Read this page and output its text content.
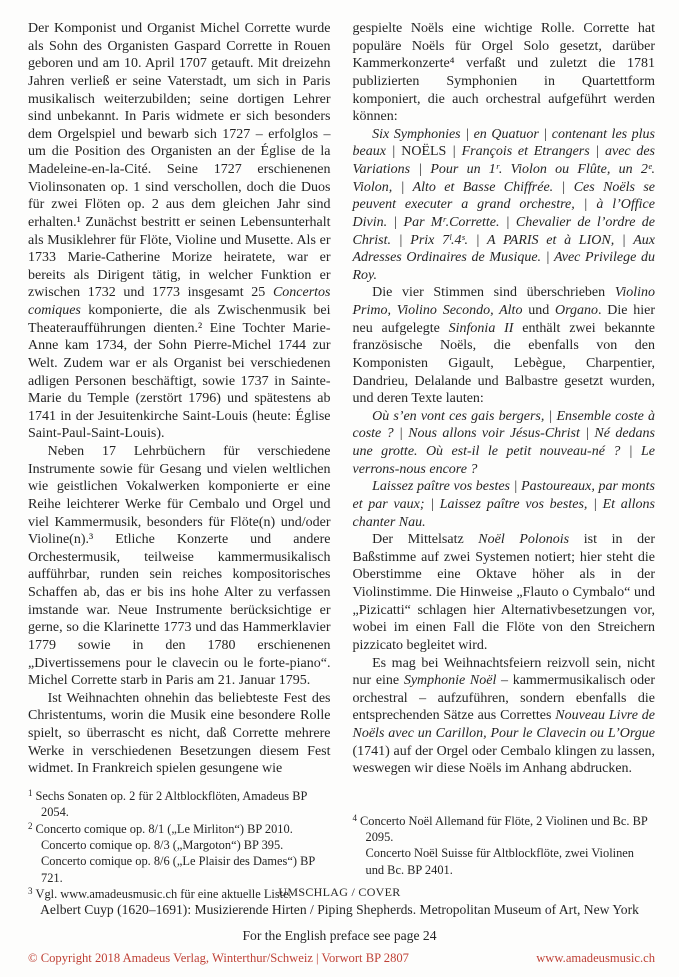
Der Komponist und Organist Michel Corrette wurde als Sohn des Organisten Gaspard Corrette in Rouen geboren und am 10. April 1707 getauft. Mit dreizehn Jahren verließ er seine Vaterstadt, um sich in Paris musikalisch weiterzubilden; seine dortigen Lehrer sind unbekannt. In Paris widmete er sich besonders dem Orgelspiel und bewarb sich 1727 – erfolglos – um die Position des Organisten an der Église de la Madeleine-en-la-Cité. Seine 1727 erschienenen Violinsonaten op. 1 sind verschollen, doch die Duos für zwei Flöten op. 2 aus dem gleichen Jahr sind erhalten.¹ Zunächst bestritt er seinen Lebensunterhalt als Musiklehrer für Flöte, Violine und Musette. Als er 1733 Marie-Catherine Morize heiratete, war er bereits als Dirigent tätig, in welcher Funktion er zwischen 1732 und 1773 insgesamt 25 Concertos comiques komponierte, die als Zwischenmusik bei Theateraufführungen dienten.² Eine Tochter Marie-Anne kam 1734, der Sohn Pierre-Michel 1744 zur Welt. Zudem war er als Organist bei verschiedenen adligen Personen beschäftigt, sowie 1737 in Sainte-Marie du Temple (zerstört 1796) und spätestens ab 1741 in der Jesuitenkirche Saint-Louis (heute: Église Saint-Paul-Saint-Louis).

Neben 17 Lehrbüchern für verschiedene Instrumente sowie für Gesang und vielen weltlichen wie geistlichen Vokalwerken komponierte er eine Reihe leichterer Werke für Cembalo und Orgel und viel Kammermusik, besonders für Flöte(n) und/oder Violine(n).³ Etliche Konzerte und andere Orchestermusik, teilweise kammermusikalisch aufführbar, runden sein reiches kompositorisches Schaffen ab, das er bis ins hohe Alter zu verfassen imstande war. Neue Instrumente berücksichtige er gerne, so die Klarinette 1773 und das Hammerklavier 1779 sowie in den 1780 erschienenen „Divertissemens pour le clavecin ou le forte-piano“. Michel Corrette starb in Paris am 21. Januar 1795.

Ist Weihnachten ohnehin das beliebteste Fest des Christentums, worin die Musik eine besondere Rolle spielt, so überrascht es nicht, daß Corrette mehrere Werke in verschiedenen Besetzungen diesem Fest widmet. In Frankreich spielen gesungene wie

$^1$ Sechs Sonaten op. 2 für 2 Altblockflöten, Amadeus BP 2054.

$^2$ Concerto comique op. 8/1 („Le Mirliton“) BP 2010.

Concerto comique op. 8/3 („Margoton“) BP 395.

Concerto comique op. 8/6 („Le Plaisir des Dames“) BP 721.

$^3$ Vgl. www.amadeusmusic.ch für eine aktuelle Liste.

gespielte Noëls eine wichtige Rolle. Corrette hat populäre Noëls für Orgel Solo gesetzt, darüber Kammerkonzerte⁴ verfaßt und zuletzt die 1781 publizierten Symphonien in Quartettform komponiert, die auch orchestral aufgeführt werden können:

Six Symphonies | en Quatuor | contenant les plus beaux | NOËLS | François et Etrangers | avec des Variations | Pour un 1ʳ. Violon ou Flûte, un 2ᵉ. Violon, | Alto et Basse Chiffrée. | Ces Noëls se peuvent executer a grand orchestre, | à l’Office Divin. | Par Mʳ.Corrette. | Chevalier de l’ordre de Christ. | Prix 7ˡ.4ˢ. | A PARIS et à LION, | Aux Adresses Ordinaires de Musique. | Avec Privilege du Roy.

Die vier Stimmen sind überschrieben Violino Primo, Violino Secondo, Alto und Organo. Die hier neu aufgelegte Sinfonia II enthält zwei bekannte französische Noëls, die ebenfalls von den Komponisten Gigault, Lebègue, Charpentier, Dandrieu, Delalande und Balbastre gesetzt wurden, und deren Texte lauten:

Où s’en vont ces gais bergers, | Ensemble coste à coste ? | Nous allons voir Jésus-Christ | Né dedans une grotte. Où est-il le petit nouveau-né ? | Le verrons-nous encore ?

Laissez paître vos bestes | Pastoureaux, par monts et par vaux; | Laissez paître vos bestes, | Et allons chanter Nau.

Der Mittelsatz Noël Polonois ist in der Baßstimme auf zwei Systemen notiert; hier steht die Oberstimme eine Oktave höher als in der Violinstimme. Die Hinweise „Flauto o Cymbalo“ und „Pizicatti“ schlagen hier Alternativbesetzungen vor, wobei im einen Fall die Flöte von den Streichern pizzicato begleitet wird.

Es mag bei Weihnachtsfeiern reizvoll sein, nicht nur eine Symphonie Noël – kammermusikalisch oder orchestral – aufzuführen, sondern ebenfalls die entsprechenden Sätze aus Correttes Nouveau Livre de Noëls avec un Carillon, Pour le Clavecin ou L’Orgue (1741) auf der Orgel oder Cembalo klingen zu lassen, weswegen wir diese Noëls im Anhang abdrucken.

$^4$ Concerto Noël Allemand für Flöte, 2 Violinen und Bc. BP 2095.

Concerto Noël Suisse für Altblockflöte, zwei Violinen und Bc. BP 2401.

UMSCHLAG / COVER
Aelbert Cuyp (1620–1691): Musizierende Hirten / Piping Shepherds. Metropolitan Museum of Art, New York
For the English preface see page 24
© Copyright 2018 Amadeus Verlag, Winterthur/Schweiz | Vorwort BP 2807	www.amadeusmusic.ch
